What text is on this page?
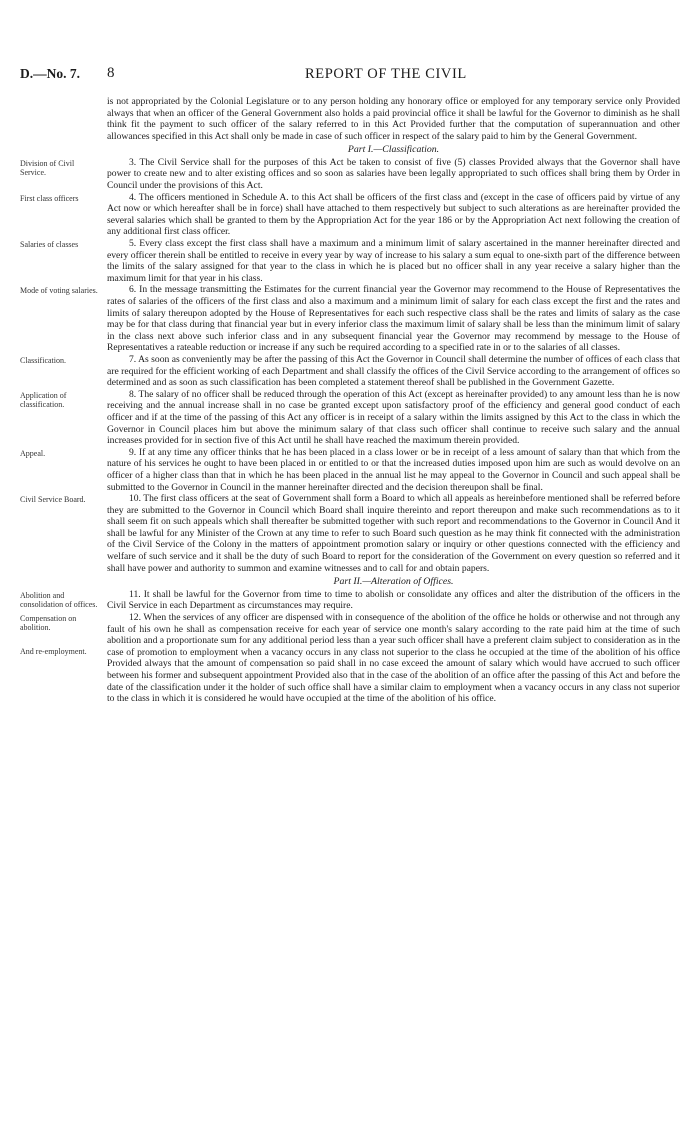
D.—No. 7. 8	REPORT OF THE CIVIL
is not appropriated by the Colonial Legislature or to any person holding any honorary office or employed for any temporary service only Provided always that when an officer of the General Government also holds a paid provincial office it shall be lawful for the Governor to diminish as he shall think fit the payment to such officer of the salary referred to in this Act Provided further that the computation of superannuation and other allowances specified in this Act shall only be made in case of such officer in respect of the salary paid to him by the General Government.
Part I.—Classification.
Division of Civil Service.
3. The Civil Service shall for the purposes of this Act be taken to consist of five (5) classes Provided always that the Governor shall have power to create new and to alter existing offices and so soon as salaries have been legally appropriated to such offices shall bring them by Order in Council under the provisions of this Act.
First class officers	4. The officers mentioned in Schedule A. to this Act shall be officers of the first class and (except in the case of officers paid by virtue of any Act now or which hereafter shall be in force) shall have attached to them respectively but subject to such alterations as are hereinafter provided the several salaries which shall be granted to them by the Appropriation Act for the year 186 or by the Appropriation Act next following the creation of any additional first class officer.
Salaries of classes	5. Every class except the first class shall have a maximum and a minimum limit of salary ascertained in the manner hereinafter directed and every officer therein shall be entitled to receive in every year by way of increase to his salary a sum equal to one-sixth part of the difference between the limits of the salary assigned for that year to the class in which he is placed but no officer shall in any year receive a salary higher than the maximum limit for that year in his class.
Mode of voting salaries.	6. In the message transmitting the Estimates for the current financial year the Governor may recommend to the House of Representatives the rates of salaries of the officers of the first class and also a maximum and a minimum limit of salary for each class except the first and the rates and limits of salary thereupon adopted by the House of Representatives for each such respective class shall be the rates and limits of salary as the case may be for that class during that financial year but in every inferior class the maximum limit of salary shall be less than the minimum limit of salary in the class next above such inferior class and in any subsequent financial year the Governor may recommend by message to the House of Representatives a rateable reduction or increase if any such be required according to a specified rate in or to the salaries of all classes.
Classification.	7. As soon as conveniently may be after the passing of this Act the Governor in Council shall determine the number of offices of each class that are required for the efficient working of each Department and shall classify the offices of the Civil Service according to the arrangement of offices so determined and as soon as such classification has been completed a statement thereof shall be published in the Government Gazette.
Application of classification.
8. The salary of no officer shall be reduced through the operation of this Act (except as hereinafter provided) to any amount less than he is now receiving and the annual increase shall in no case be granted except upon satisfactory proof of the efficiency and general good conduct of each officer and if at the time of the passing of this Act any officer is in receipt of a salary within the limits assigned by this Act to the class in which the Governor in Council places him but above the minimum salary of that class such officer shall continue to receive such salary and the annual increases provided for in section five of this Act until he shall have reached the maximum therein provided.
Appeal.	9. If at any time any officer thinks that he has been placed in a class lower or be in receipt of a less amount of salary than that which from the nature of his services he ought to have been placed in or entitled to or that the increased duties imposed upon him are such as would devolve on an officer of a higher class than that in which he has been placed in the annual list he may appeal to the Governor in Council and such appeal shall be submitted to the Governor in Council in the manner hereinafter directed and the decision thereupon shall be final.
Civil Service Board.	10. The first class officers at the seat of Government shall form a Board to which all appeals as hereinbefore mentioned shall be referred before they are submitted to the Governor in Council which Board shall inquire thereinto and report thereupon and make such recommendations as to it shall seem fit on such appeals which shall thereafter be submitted together with such report and recommendations to the Governor in Council And it shall be lawful for any Minister of the Crown at any time to refer to such Board such question as he may think fit connected with the administration of the Civil Service of the Colony in the matters of appointment promotion salary or inquiry or other questions connected with the efficiency and welfare of such service and it shall be the duty of such Board to report for the consideration of the Government on every question so referred and it shall have power and authority to summon and examine witnesses and to call for and obtain papers.
Part II.—Alteration of Offices.
Abolition and consolidation of offices.
11. It shall be lawful for the Governor from time to time to abolish or consolidate any offices and alter the distribution of the officers in the Civil Service in each Department as circumstances may require.
Compensation on abolition.
And re-employment.
12. When the services of any officer are dispensed with in consequence of the abolition of the office he holds or otherwise and not through any fault of his own he shall as compensation receive for each year of service one month's salary according to the rate paid him at the time of such abolition and a proportionate sum for any additional period less than a year such officer shall have a preferent claim subject to consideration as in the case of promotion to employment when a vacancy occurs in any class not superior to the class he occupied at the time of the abolition of his office Provided always that the amount of compensation so paid shall in no case exceed the amount of salary which would have accrued to such officer between his former and subsequent appointment Provided also that in the case of the abolition of an office after the passing of this Act and before the date of the classification under it the holder of such office shall have a similar claim to employment when a vacancy occurs in any class not superior to the class in which it is considered he would have occupied at the time of the abolition of his office.
